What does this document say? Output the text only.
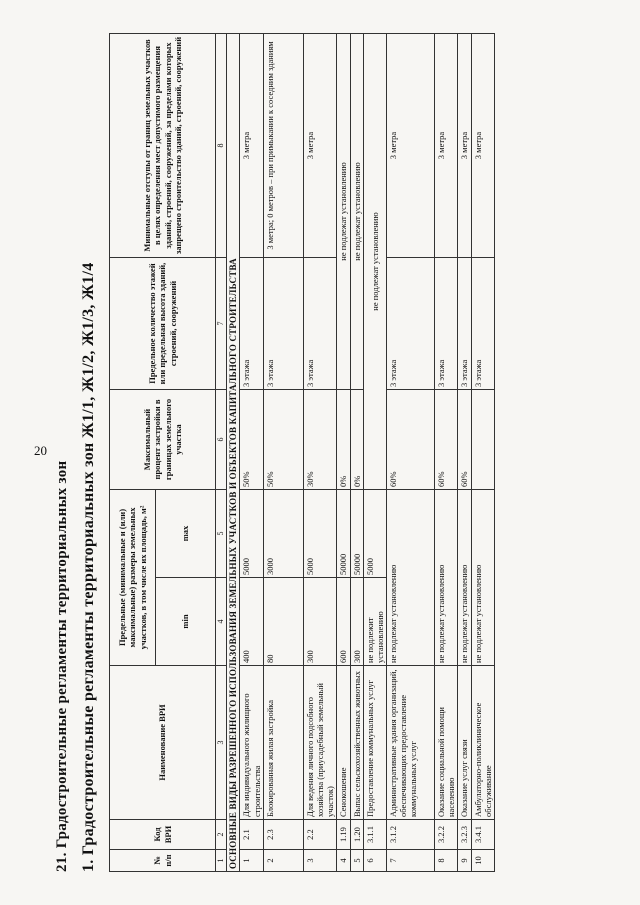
20
21. Градостроительные регламенты территориальных зон 1. Градостроительные регламенты территориальных зон Ж1/1, Ж1/2, Ж1/3, Ж1/4	№ п/п	Код ВРИ	Наименование ВРИ	Предельные (минимальные и (или) максимальные) размеры земельных участков, в том числе их площадь, м²		Максимальный процент застройки в границах земельного участка	Предельное количество этажей или предельная высота зданий, строений, сооружений	Минимальные отступы от границ земельных участков в целях определения мест допустимого размещения зданий, строений, сооружений, за пределами которых запрещено строительство зданий, строений, сооружений
			min	max			
1	2	3	4	5	6	7	8
ОСНОВНЫЕ ВИДЫ РАЗРЕШЕННОГО ИСПОЛЬЗОВАНИЯ ЗЕМЕЛЬНЫХ УЧАСТКОВ И ОБЪЕКТОВ КАПИТАЛЬНОГО СТРОИТЕЛЬСТВА							
1	2.1	Для индивидуального жилищного строительства	400	5000	50%	3 этажа	3 метра
2	2.3	Блокированная жилая застройка	80	3000	50%	3 этажа	3 метра; 0 метров – при примыкании к соседним зданиям
3	2.2	Для ведения личного подсобного хозяйства (приусадебный земельный участок)	300	5000	30%	3 этажа	3 метра
4	1.19	Сенокошение	600	50000	0%	не подлежат установлению	
5	1.20	Выпас сельскохозяйственных животных	300	50000	0%	не подлежат установлению	
6	3.1.1	Предоставление коммунальных услуг	не подлежит установлению	5000	не подлежат установлению		
7	3.1.2	Административные здания организаций, обеспечивающих предоставление коммунальных услуг	не подлежат установлению		60%	3 этажа	3 метра
8	3.2.2	Оказание социальной помощи населению	не подлежат установлению		60%	3 этажа	3 метра
9	3.2.3	Оказание услуг связи	не подлежат установлению		60%	3 этажа	3 метра
10	3.4.1	Амбулаторно-поликлиническое обслуживание	не подлежат установлению			3 этажа	3 метра
